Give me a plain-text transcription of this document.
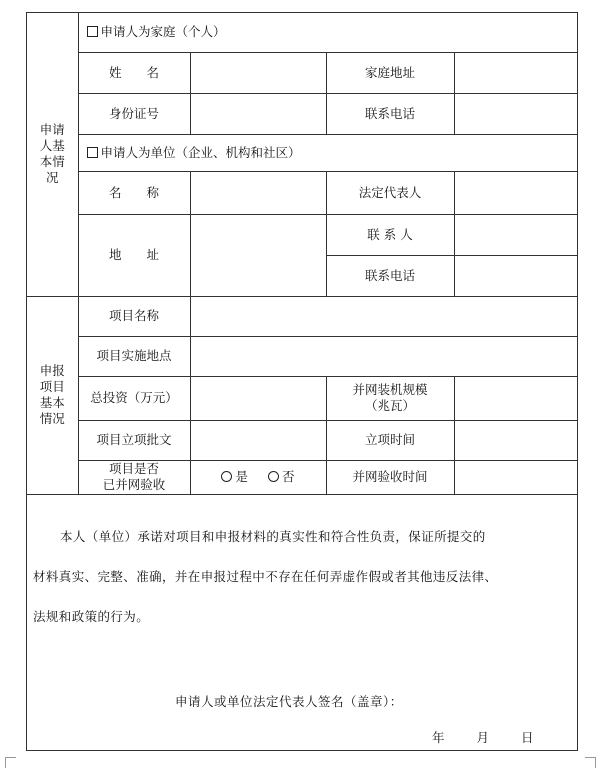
申请
人基
本情
况	申请人为家庭（个人）			
	姓　　名		家庭地址	
	身份证号		联系电话	
	申请人为单位（企业、机构和社区）			
	名　　称		法定代表人	
	地　　址		联 系 人	
			联系电话	

申报
项目
基本
情况	项目名称			
	项目实施地点			
	总投资（万元）		并网装机规模
（兆瓦）	

	项目立项批文		立项时间	

	项目是否
已并网验收	是 否	并网验收时间	
本人（单位）承诺对项目和申报材料的真实性和符合性负责，保证所提交的
材料真实、完整、准确，并在申报过程中不存在任何弄虚作假或者其他违反法律、
法规和政策的行为。
申请人或单位法定代表人签名（盖章）：
年	月	日
